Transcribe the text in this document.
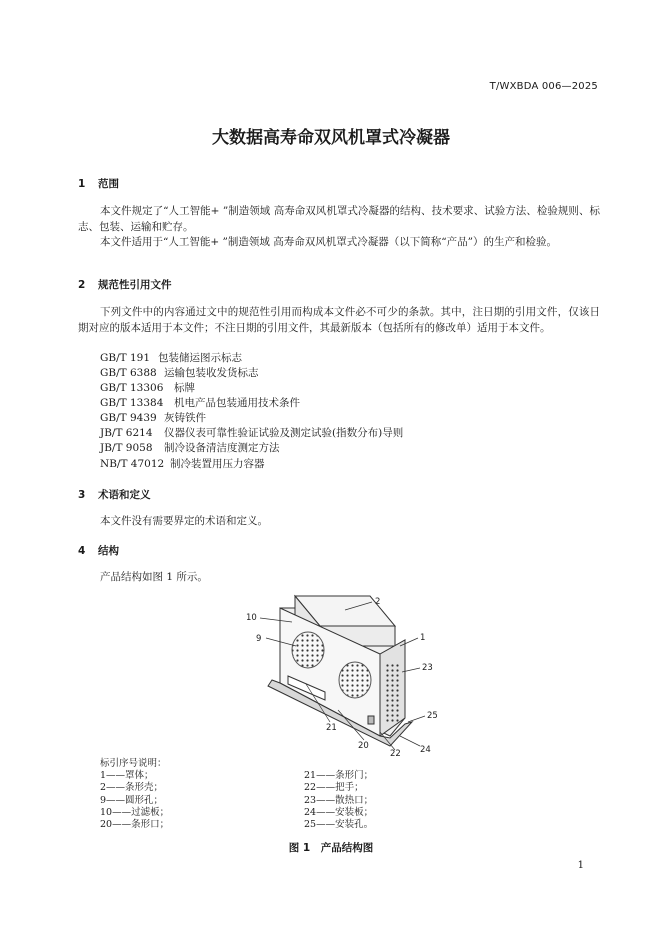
T/WXBDA 006—2025
大数据高寿命双风机罩式冷凝器
1 范围

本文件规定了“人工智能+ ”制造领域 高寿命双风机罩式冷凝器的结构、技术要求、试验方法、检验规则、标志、包装、运输和贮存。

本文件适用于“人工智能+ ”制造领域 高寿命双风机罩式冷凝器（以下简称“产品”）的生产和检验。

2 规范性引用文件

下列文件中的内容通过文中的规范性引用而构成本文件必不可少的条款。其中，注日期的引用文件，仅该日期对应的版本适用于本文件；不注日期的引用文件，其最新版本（包括所有的修改单）适用于本文件。

GB/T 191 包装储运图示标志
GB/T 6388 运输包装收发货标志
GB/T 13306 标牌
GB/T 13384 机电产品包装通用技术条件
GB/T 9439 灰铸铁件
JB/T 6214 仪器仪表可靠性验证试验及测定试验(指数分布)导则
JB/T 9058 制冷设备清洁度测定方法
NB/T 47012 制冷装置用压力容器
3 术语和定义

本文件没有需要界定的术语和定义。

4 结构

产品结构如图 1 所示。

10
9
2
1
23
21
25
20
22 24
标引序号说明：
1——罩体；
2——条形壳；
9——圆形孔；
10——过滤板；
20——条形口；
21——条形门；
22——把手；
23——散热口；
24——安装板；
25——安装孔。
图 1　产品结构图
1
